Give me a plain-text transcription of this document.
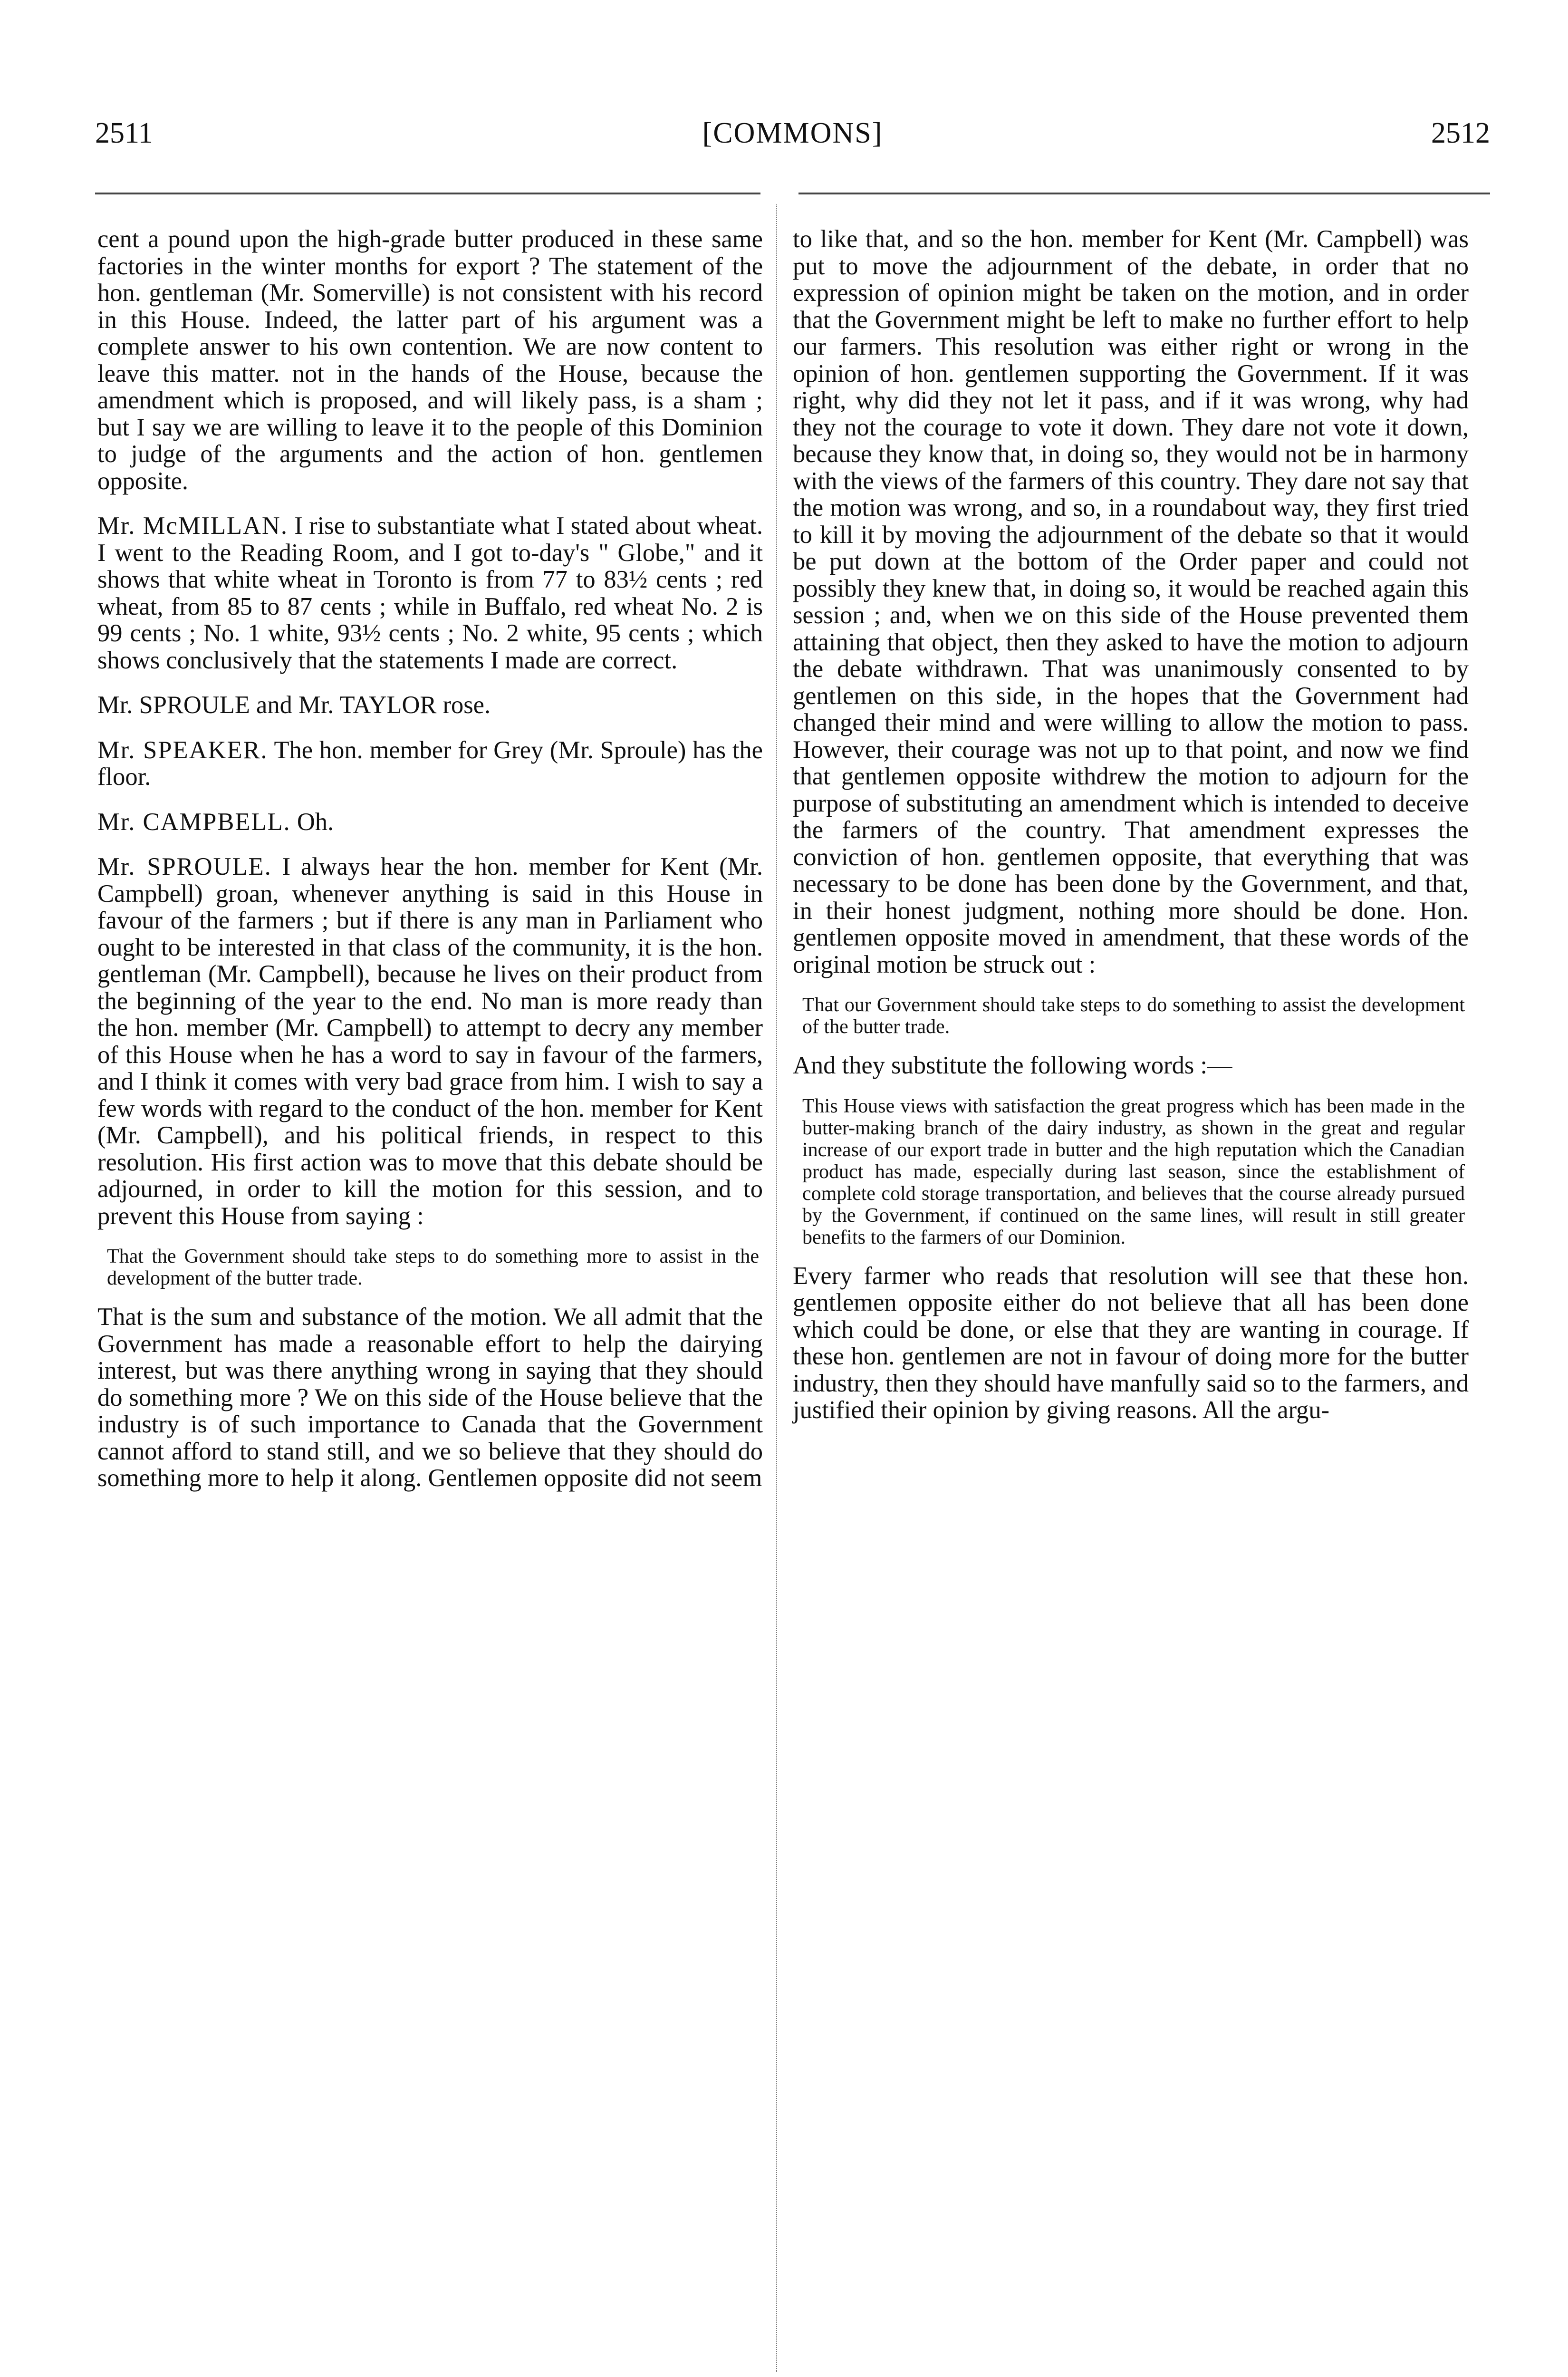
2511	[COMMONS]	2512

cent a pound upon the high-grade butter produced in these same factories in the winter months for export ? The statement of the hon. gentleman (Mr. Somerville) is not consistent with his record in this House. Indeed, the latter part of his argument was a complete answer to his own contention. We are now content to leave this matter. not in the hands of the House, because the amendment which is proposed, and will likely pass, is a sham ; but I say we are willing to leave it to the people of this Dominion to judge of the arguments and the action of hon. gentlemen opposite.

Mr. McMILLAN. I rise to substantiate what I stated about wheat. I went to the Reading Room, and I got to-day's " Globe," and it shows that white wheat in Toronto is from 77 to 83½ cents ; red wheat, from 85 to 87 cents ; while in Buffalo, red wheat No. 2 is 99 cents ; No. 1 white, 93½ cents ; No. 2 white, 95 cents ; which shows conclusively that the statements I made are correct.

Mr. SPROULE and Mr. TAYLOR rose.

Mr. SPEAKER. The hon. member for Grey (Mr. Sproule) has the floor.

Mr. CAMPBELL. Oh.

Mr. SPROULE. I always hear the hon. member for Kent (Mr. Campbell) groan, whenever anything is said in this House in favour of the farmers ; but if there is any man in Parliament who ought to be interested in that class of the community, it is the hon. gentleman (Mr. Campbell), because he lives on their product from the beginning of the year to the end. No man is more ready than the hon. member (Mr. Campbell) to attempt to decry any member of this House when he has a word to say in favour of the farmers, and I think it comes with very bad grace from him. I wish to say a few words with regard to the conduct of the hon. member for Kent (Mr. Campbell), and his political friends, in respect to this resolution. His first action was to move that this debate should be adjourned, in order to kill the motion for this session, and to prevent this House from saying :

That the Government should take steps to do something more to assist in the development of the butter trade.

That is the sum and substance of the motion. We all admit that the Government has made a reasonable effort to help the dairying interest, but was there anything wrong in saying that they should do something more ? We on this side of the House believe that the industry is of such importance to Canada that the Government cannot afford to stand still, and we so believe that they should do something more to help it along. Gentlemen opposite did not seem

to like that, and so the hon. member for Kent (Mr. Campbell) was put to move the adjournment of the debate, in order that no expression of opinion might be taken on the motion, and in order that the Government might be left to make no further effort to help our farmers. This resolution was either right or wrong in the opinion of hon. gentlemen supporting the Government. If it was right, why did they not let it pass, and if it was wrong, why had they not the courage to vote it down. They dare not vote it down, because they know that, in doing so, they would not be in harmony with the views of the farmers of this country. They dare not say that the motion was wrong, and so, in a roundabout way, they first tried to kill it by moving the adjournment of the debate so that it would be put down at the bottom of the Order paper and could not possibly they knew that, in doing so, it would be reached again this session ; and, when we on this side of the House prevented them attaining that object, then they asked to have the motion to adjourn the debate withdrawn. That was unanimously consented to by gentlemen on this side, in the hopes that the Government had changed their mind and were willing to allow the motion to pass. However, their courage was not up to that point, and now we find that gentlemen opposite withdrew the motion to adjourn for the purpose of substituting an amendment which is intended to deceive the farmers of the country. That amendment expresses the conviction of hon. gentlemen opposite, that everything that was necessary to be done has been done by the Government, and that, in their honest judgment, nothing more should be done. Hon. gentlemen opposite moved in amendment, that these words of the original motion be struck out :

That our Government should take steps to do something to assist the development of the butter trade.

And they substitute the following words :—

This House views with satisfaction the great progress which has been made in the butter-making branch of the dairy industry, as shown in the great and regular increase of our export trade in butter and the high reputation which the Canadian product has made, especially during last season, since the establishment of complete cold storage transportation, and believes that the course already pursued by the Government, if continued on the same lines, will result in still greater benefits to the farmers of our Dominion.

Every farmer who reads that resolution will see that these hon. gentlemen opposite either do not believe that all has been done which could be done, or else that they are wanting in courage. If these hon. gentlemen are not in favour of doing more for the butter industry, then they should have manfully said so to the farmers, and justified their opinion by giving reasons. All the argu-
